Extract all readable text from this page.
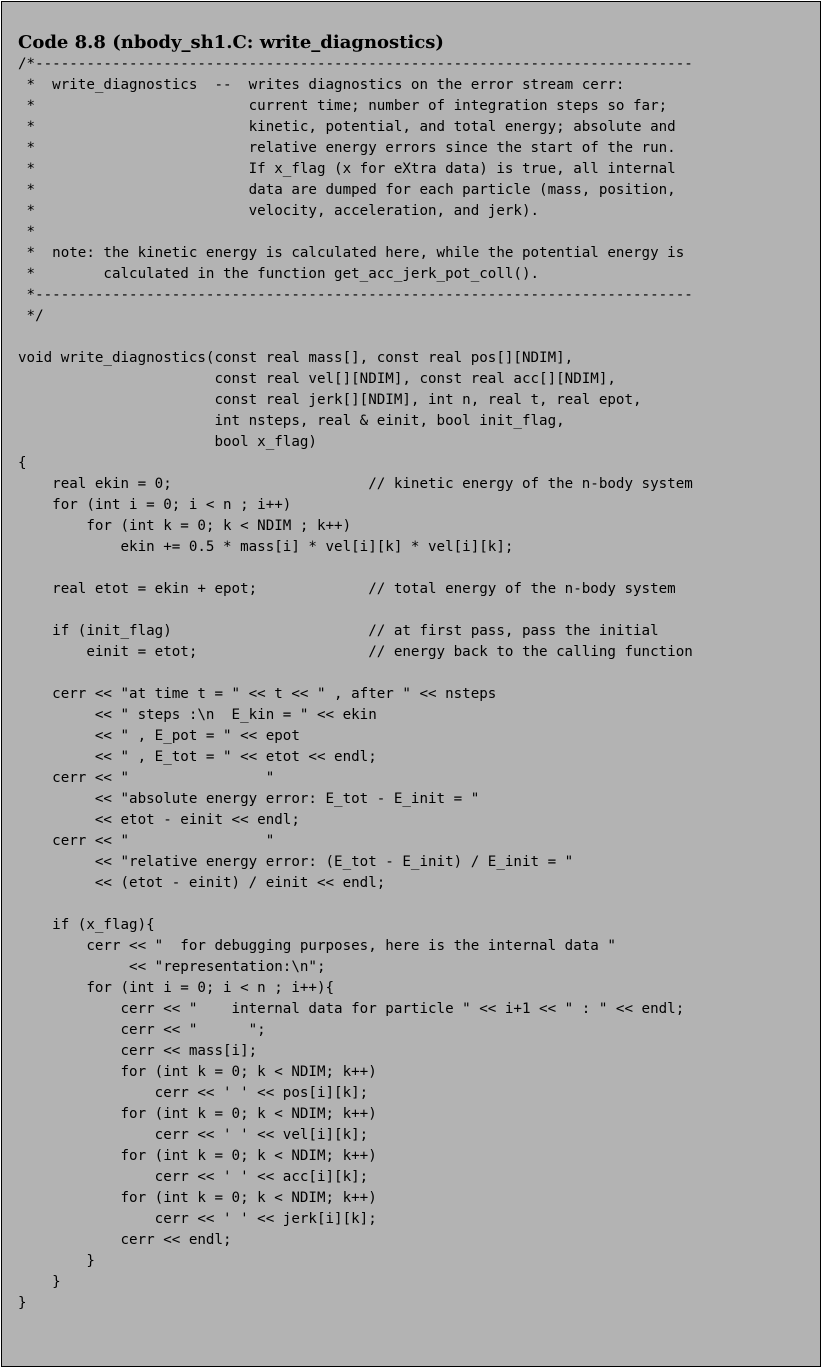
Code 8.8 (nbody_sh1.C: write_diagnostics)
/*-----------------------------------------------------------------------------
*  write_diagnostics  --  writes diagnostics on the error stream cerr:
*                         current time; number of integration steps so far;
*                         kinetic, potential, and total energy; absolute and
*                         relative energy errors since the start of the run.
*                         If x_flag (x for eXtra data) is true, all internal
*                         data are dumped for each particle (mass, position,
*                         velocity, acceleration, and jerk).
*
*  note: the kinetic energy is calculated here, while the potential energy is
*        calculated in the function get_acc_jerk_pot_coll().
*-----------------------------------------------------------------------------
*/
void write_diagnostics(const real mass[], const real pos[][NDIM],
const real vel[][NDIM], const real acc[][NDIM],
const real jerk[][NDIM], int n, real t, real epot,
int nsteps, real & einit, bool init_flag,
bool x_flag)
{
real ekin = 0;                       // kinetic energy of the n-body system
for (int i = 0; i < n ; i++)
for (int k = 0; k < NDIM ; k++)
ekin += 0.5 * mass[i] * vel[i][k] * vel[i][k];
real etot = ekin + epot;             // total energy of the n-body system
if (init_flag)                       // at first pass, pass the initial
einit = etot;                    // energy back to the calling function
cerr << "at time t = " << t << " , after " << nsteps
<< " steps :\n  E_kin = " << ekin
<< " , E_pot = " << epot
<< " , E_tot = " << etot << endl;
cerr << "                "
<< "absolute energy error: E_tot - E_init = "
<< etot - einit << endl;
cerr << "                "
<< "relative energy error: (E_tot - E_init) / E_init = "
<< (etot - einit) / einit << endl;
if (x_flag){
cerr << "  for debugging purposes, here is the internal data "
<< "representation:\n";
for (int i = 0; i < n ; i++){
cerr << "    internal data for particle " << i+1 << " : " << endl;
cerr << "      ";
cerr << mass[i];
for (int k = 0; k < NDIM; k++)
cerr << ' ' << pos[i][k];
for (int k = 0; k < NDIM; k++)
cerr << ' ' << vel[i][k];
for (int k = 0; k < NDIM; k++)
cerr << ' ' << acc[i][k];
for (int k = 0; k < NDIM; k++)
cerr << ' ' << jerk[i][k];
cerr << endl;
}
}
}
